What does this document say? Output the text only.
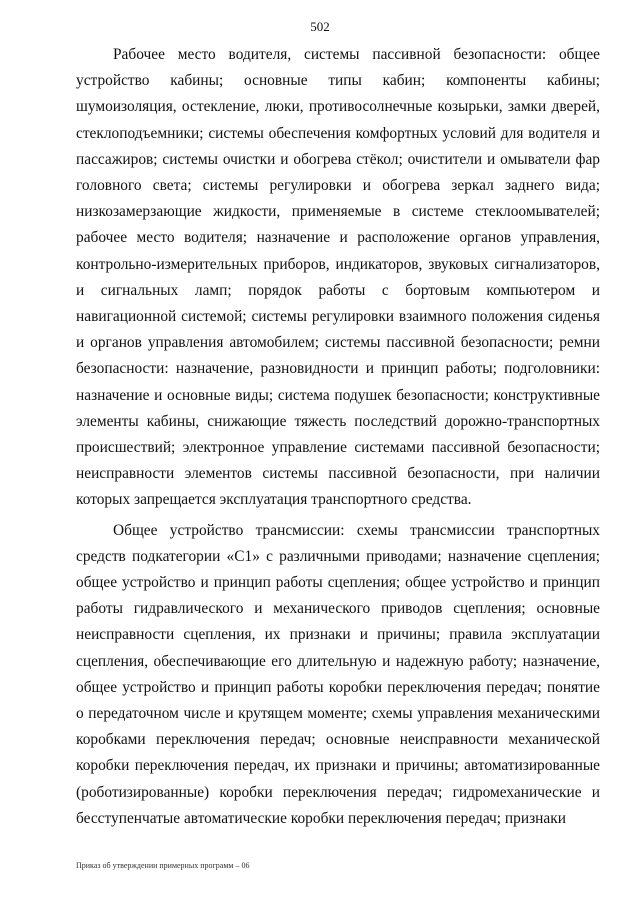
502

Рабочее место водителя, системы пассивной безопасности: общее устройство кабины; основные типы кабин; компоненты кабины; шумоизоляция, остекление, люки, противосолнечные козырьки, замки дверей, стеклоподъемники; системы обеспечения комфортных условий для водителя и пассажиров; системы очистки и обогрева стёкол; очистители и омыватели фар головного света; системы регулировки и обогрева зеркал заднего вида; низкозамерзающие жидкости, применяемые в системе стеклоомывателей; рабочее место водителя; назначение и расположение органов управления, контрольно-измерительных приборов, индикаторов, звуковых сигнализаторов, и сигнальных ламп; порядок работы с бортовым компьютером и навигационной системой; системы регулировки взаимного положения сиденья и органов управления автомобилем; системы пассивной безопасности; ремни безопасности: назначение, разновидности и принцип работы; подголовники: назначение и основные виды; система подушек безопасности; конструктивные элементы кабины, снижающие тяжесть последствий дорожно-транспортных происшествий; электронное управление системами пассивной безопасности; неисправности элементов системы пассивной безопасности, при наличии которых запрещается эксплуатация транспортного средства.

Общее устройство трансмиссии: схемы трансмиссии транспортных средств подкатегории «C1» с различными приводами; назначение сцепления; общее устройство и принцип работы сцепления; общее устройство и принцип работы гидравлического и механического приводов сцепления; основные неисправности сцепления, их признаки и причины; правила эксплуатации сцепления, обеспечивающие его длительную и надежную работу; назначение, общее устройство и принцип работы коробки переключения передач; понятие о передаточном числе и крутящем моменте; схемы управления механическими коробками переключения передач; основные неисправности механической коробки переключения передач, их признаки и причины; автоматизированные (роботизированные) коробки переключения передач; гидромеханические и бесступенчатые автоматические коробки переключения передач; признаки

Приказ об утверждении примерных программ – 06
